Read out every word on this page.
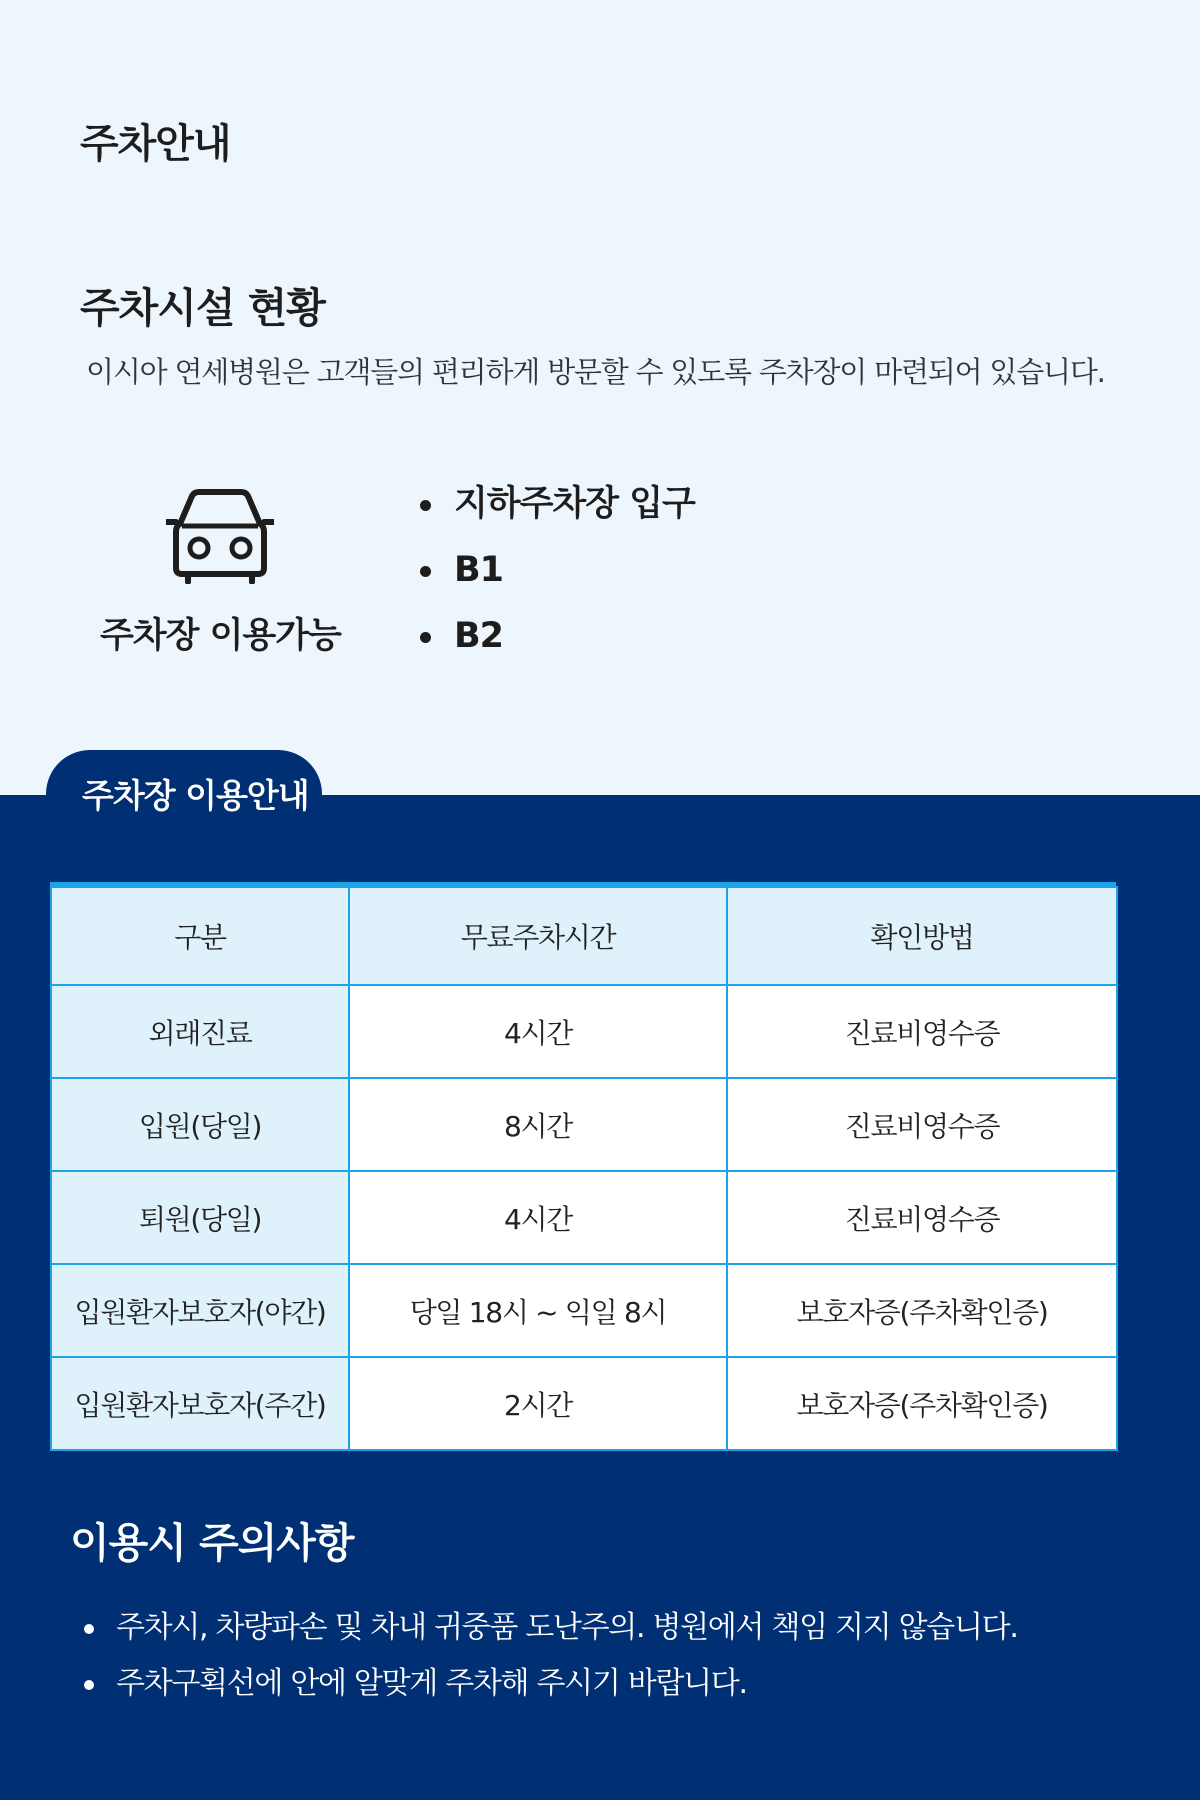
주차안내
주차시설 현황
이시아 연세병원은 고객들의 편리하게 방문할 수 있도록 주차장이 마련되어 있습니다.
주차장 이용가능
지하주차장 입구
B1
B2
주차장 이용안내
구분	무료주차시간	확인방법
외래진료	4시간	진료비영수증
입원(당일)	8시간	진료비영수증
퇴원(당일)	4시간	진료비영수증
입원환자보호자(야간)	당일 18시 ~ 익일 8시	보호자증(주차확인증)
입원환자보호자(주간)	2시간	보호자증(주차확인증)
이용시 주의사항
주차시, 차량파손 및 차내 귀중품 도난주의. 병원에서 책임 지지 않습니다.
주차구획선에 안에 알맞게 주차해 주시기 바랍니다.
